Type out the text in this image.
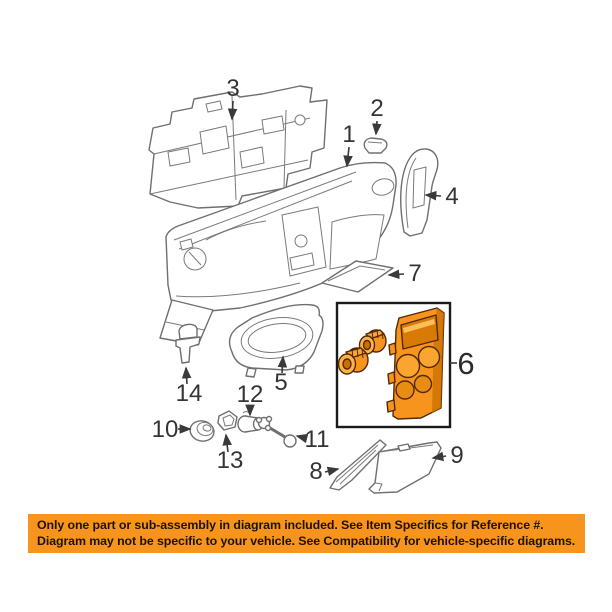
1
2
3
4
5
6
7
8
9
10	11
12
13
14
Only one part or sub-assembly in diagram included. See Item Specifics for Reference #.
Diagram may not be specific to your vehicle. See Compatibility for vehicle-specific diagrams.
